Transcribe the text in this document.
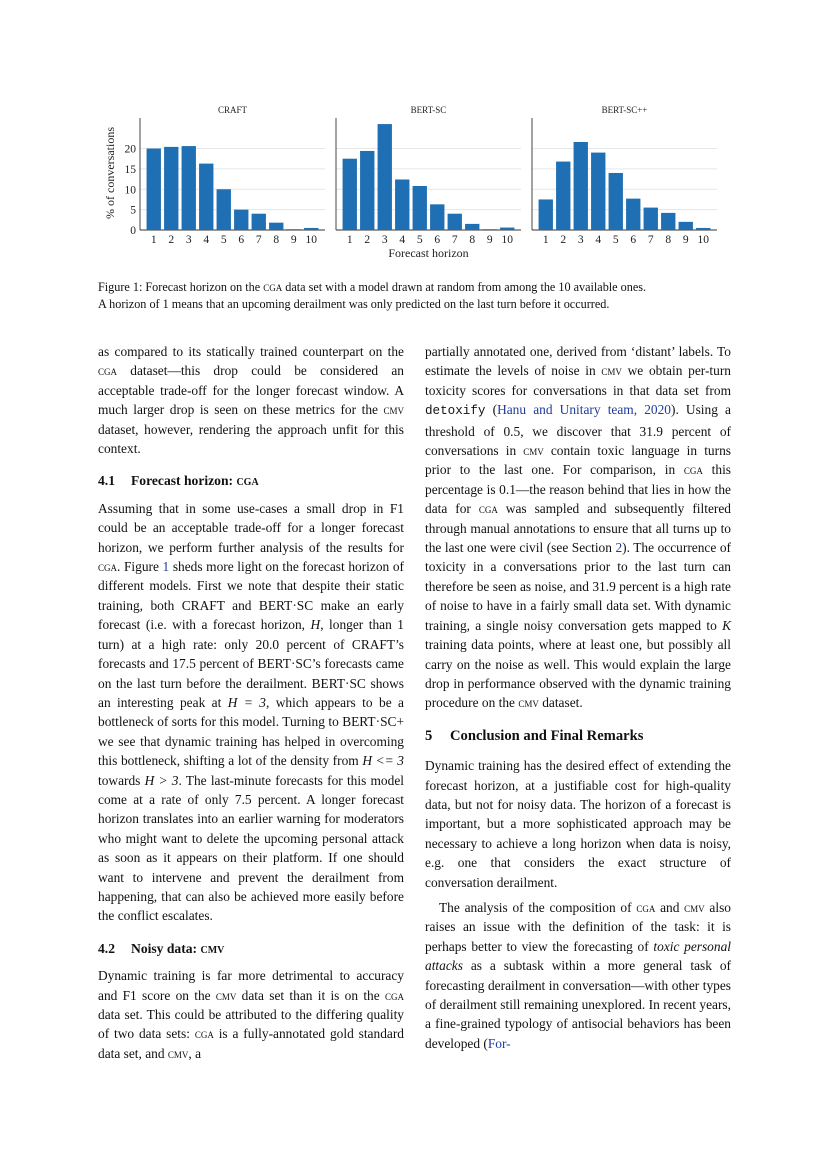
CRAFT
1 2 3 4 5 6 7 8 9 10
0
5
10
15
20
% of conversations
BERT-SC
1 2 3 4 5 6 7 8 9 10
Forecast horizon
BERT-SC++
1 2 3 4 5 6 7 8 9 10
Figure 1: Forecast horizon on the cga data set with a model drawn at random from among the 10 available ones.
A horizon of 1 means that an upcoming derailment was only predicted on the last turn before it occurred.

as compared to its statically trained counterpart on the cga dataset—this drop could be considered an acceptable trade-off for the longer forecast window. A much larger drop is seen on these metrics for the cmv dataset, however, rendering the approach unfit for this context.

4.1 Forecast horizon: cga

Assuming that in some use-cases a small drop in F1 could be an acceptable trade-off for a longer forecast horizon, we perform further analysis of the results for cga. Figure 1 sheds more light on the forecast horizon of different models. First we note that despite their static training, both CRAFT and BERT·SC make an early forecast (i.e. with a forecast horizon, H, longer than 1 turn) at a high rate: only 20.0 percent of CRAFT’s forecasts and 17.5 percent of BERT·SC’s forecasts came on the last turn before the derailment. BERT·SC shows an interesting peak at H = 3, which appears to be a bottleneck of sorts for this model. Turning to BERT·SC+ we see that dynamic training has helped in overcoming this bottleneck, shifting a lot of the density from H <= 3 towards H > 3. The last-minute forecasts for this model come at a rate of only 7.5 percent. A longer forecast horizon translates into an earlier warning for moderators who might want to delete the upcoming personal attack as soon as it appears on their platform. If one should want to intervene and prevent the derailment from happening, that can also be achieved more easily before the conflict escalates.

4.2 Noisy data: cmv

Dynamic training is far more detrimental to accuracy and F1 score on the cmv data set than it is on the cga data set. This could be attributed to the differing quality of two data sets: cga is a fully-annotated gold standard data set, and cmv, a

partially annotated one, derived from ‘distant’ labels. To estimate the levels of noise in cmv we obtain per-turn toxicity scores for conversations in that data set from detoxify (Hanu and Unitary team, 2020). Using a threshold of 0.5, we discover that 31.9 percent of conversations in cmv contain toxic language in turns prior to the last one. For comparison, in cga this percentage is 0.1—the reason behind that lies in how the data for cga was sampled and subsequently filtered through manual annotations to ensure that all turns up to the last one were civil (see Section 2). The occurrence of toxicity in a conversations prior to the last turn can therefore be seen as noise, and 31.9 percent is a high rate of noise to have in a fairly small data set. With dynamic training, a single noisy conversation gets mapped to K training data points, where at least one, but possibly all carry on the noise as well. This would explain the large drop in performance observed with the dynamic training procedure on the cmv dataset.

5 Conclusion and Final Remarks

Dynamic training has the desired effect of extending the forecast horizon, at a justifiable cost for high-quality data, but not for noisy data. The horizon of a forecast is important, but a more sophisticated approach may be necessary to achieve a long horizon when data is noisy, e.g. one that considers the exact structure of conversation derailment.

The analysis of the composition of cga and cmv also raises an issue with the definition of the task: it is perhaps better to view the forecasting of toxic personal attacks as a subtask within a more general task of forecasting derailment in conversation—with other types of derailment still remaining unexplored. In recent years, a fine-grained typology of antisocial behaviors has been developed (For-
